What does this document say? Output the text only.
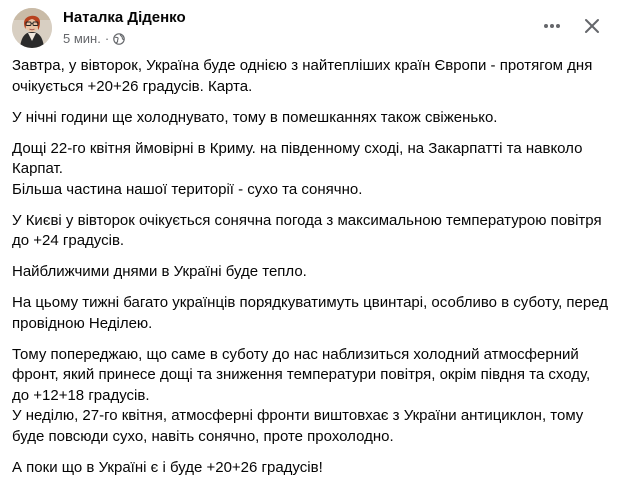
Наталка Діденко
5 мин. ·

Завтра, у вівторок, Україна буде однією з найтепліших країн Європи - протягом дня очікується +20+26 градусів. Карта.

У нічні години ще холоднувато, тому в помешканнях також свіженько.

Дощі 22-го квітня ймовірні в Криму. на південному сході, на Закарпатті та навколо Карпат.

Більша частина нашої території - сухо та сонячно.

У Києві у вівторок очікується сонячна погода з максимальною температурою повітря до +24 градусів.

Найближчими днями в Україні буде тепло.

На цьому тижні багато українців порядкуватимуть цвинтарі, особливо в суботу, перед провідною Неділею.

Тому попереджаю, що саме в суботу до нас наблизиться холодний атмосферний фронт, який принесе дощі та зниження температури повітря, окрім півдня та сходу, до +12+18 градусів.

У неділю, 27-го квітня, атмосферні фронти виштовхає з України антициклон, тому буде повсюди сухо, навіть сонячно, проте прохолодно.

А поки що в Україні є і буде +20+26 градусів!
